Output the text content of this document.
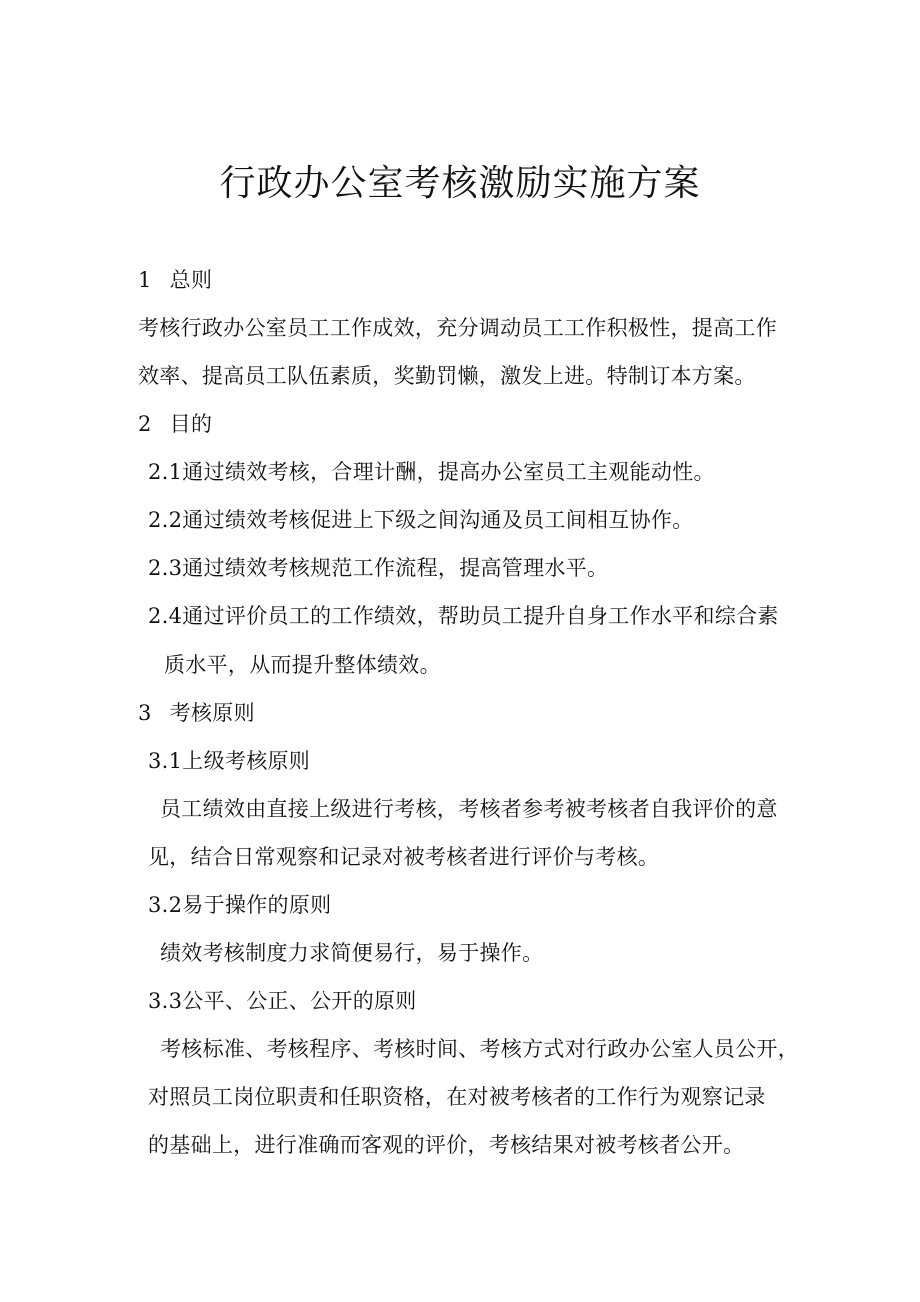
行政办公室考核激励实施方案

1 总则

考核行政办公室员工工作成效，充分调动员工工作积极性，提高工作

效率、提高员工队伍素质，奖勤罚懒，激发上进。特制订本方案。

2 目的

2.1通过绩效考核，合理计酬，提高办公室员工主观能动性。

2.2通过绩效考核促进上下级之间沟通及员工间相互协作。

2.3通过绩效考核规范工作流程，提高管理水平。

2.4通过评价员工的工作绩效，帮助员工提升自身工作水平和综合素

质水平，从而提升整体绩效。

3 考核原则

3.1上级考核原则

员工绩效由直接上级进行考核，考核者参考被考核者自我评价的意

见，结合日常观察和记录对被考核者进行评价与考核。

3.2易于操作的原则

绩效考核制度力求简便易行，易于操作。

3.3公平、公正、公开的原则

考核标准、考核程序、考核时间、考核方式对行政办公室人员公开，

对照员工岗位职责和任职资格，在对被考核者的工作行为观察记录

的基础上，进行准确而客观的评价，考核结果对被考核者公开。
